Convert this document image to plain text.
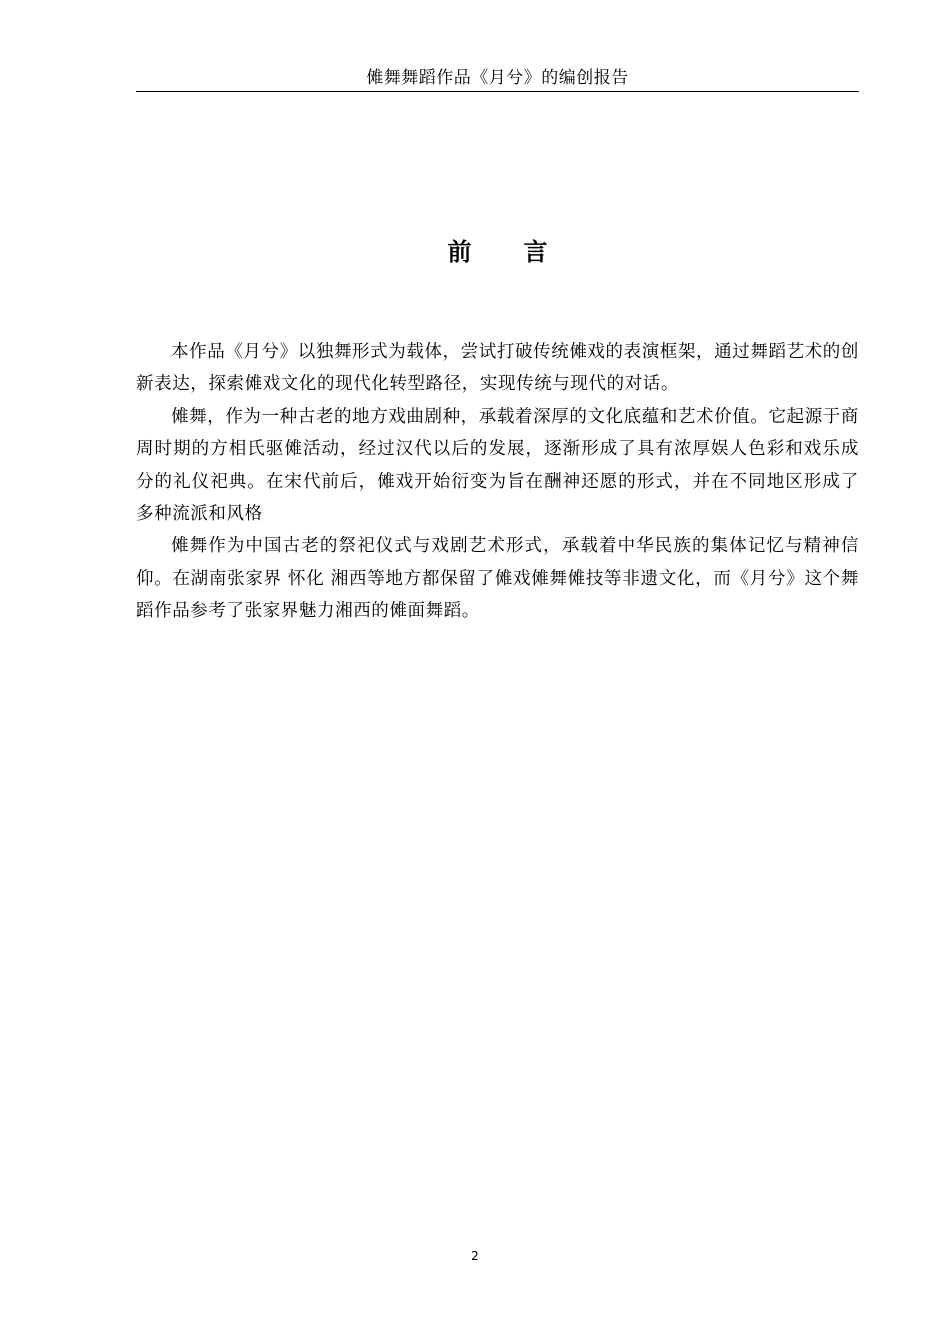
傩舞舞蹈作品《月兮》的编创报告
前 言

本作品《月兮》以独舞形式为载体，尝试打破传统傩戏的表演框架，通过舞蹈艺术的创新表达，探索傩戏文化的现代化转型路径，实现传统与现代的对话。

傩舞，作为一种古老的地方戏曲剧种，承载着深厚的文化底蕴和艺术价值。它起源于商周时期的方相氏驱傩活动，经过汉代以后的发展，逐渐形成了具有浓厚娱人色彩和戏乐成分的礼仪祀典。在宋代前后，傩戏开始衍变为旨在酬神还愿的形式，并在不同地区形成了多种流派和风格

傩舞作为中国古老的祭祀仪式与戏剧艺术形式，承载着中华民族的集体记忆与精神信仰。在湖南张家界 怀化 湘西等地方都保留了傩戏傩舞傩技等非遗文化，而《月兮》这个舞蹈作品参考了张家界魅力湘西的傩面舞蹈。

2
